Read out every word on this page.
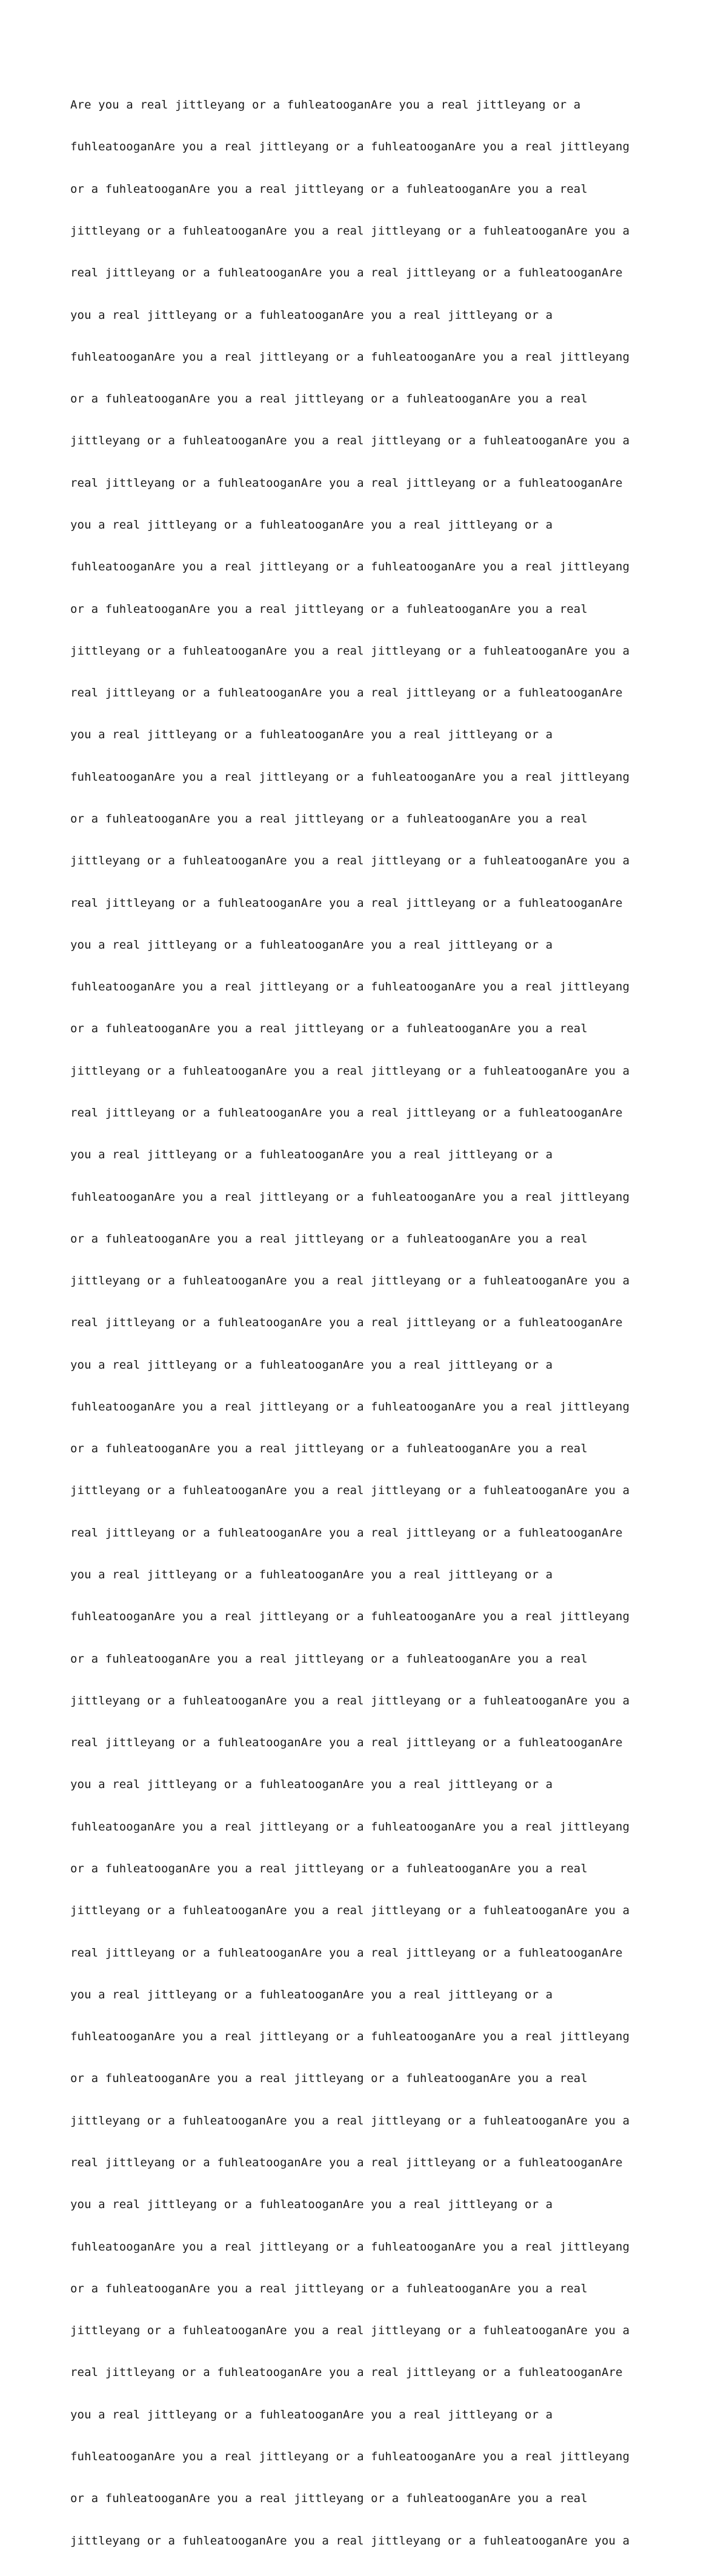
Are you a real jittleyang or a fuhleatooganAre you a real jittleyang or a

fuhleatooganAre you a real jittleyang or a fuhleatooganAre you a real jittleyang

or a fuhleatooganAre you a real jittleyang or a fuhleatooganAre you a real

jittleyang or a fuhleatooganAre you a real jittleyang or a fuhleatooganAre you a

real jittleyang or a fuhleatooganAre you a real jittleyang or a fuhleatooganAre

you a real jittleyang or a fuhleatooganAre you a real jittleyang or a

fuhleatooganAre you a real jittleyang or a fuhleatooganAre you a real jittleyang

or a fuhleatooganAre you a real jittleyang or a fuhleatooganAre you a real

jittleyang or a fuhleatooganAre you a real jittleyang or a fuhleatooganAre you a

real jittleyang or a fuhleatooganAre you a real jittleyang or a fuhleatooganAre

you a real jittleyang or a fuhleatooganAre you a real jittleyang or a

fuhleatooganAre you a real jittleyang or a fuhleatooganAre you a real jittleyang

or a fuhleatooganAre you a real jittleyang or a fuhleatooganAre you a real

jittleyang or a fuhleatooganAre you a real jittleyang or a fuhleatooganAre you a

real jittleyang or a fuhleatooganAre you a real jittleyang or a fuhleatooganAre

you a real jittleyang or a fuhleatooganAre you a real jittleyang or a

fuhleatooganAre you a real jittleyang or a fuhleatooganAre you a real jittleyang

or a fuhleatooganAre you a real jittleyang or a fuhleatooganAre you a real

jittleyang or a fuhleatooganAre you a real jittleyang or a fuhleatooganAre you a

real jittleyang or a fuhleatooganAre you a real jittleyang or a fuhleatooganAre

you a real jittleyang or a fuhleatooganAre you a real jittleyang or a

fuhleatooganAre you a real jittleyang or a fuhleatooganAre you a real jittleyang

or a fuhleatooganAre you a real jittleyang or a fuhleatooganAre you a real

jittleyang or a fuhleatooganAre you a real jittleyang or a fuhleatooganAre you a

real jittleyang or a fuhleatooganAre you a real jittleyang or a fuhleatooganAre

you a real jittleyang or a fuhleatooganAre you a real jittleyang or a

fuhleatooganAre you a real jittleyang or a fuhleatooganAre you a real jittleyang

or a fuhleatooganAre you a real jittleyang or a fuhleatooganAre you a real

jittleyang or a fuhleatooganAre you a real jittleyang or a fuhleatooganAre you a

real jittleyang or a fuhleatooganAre you a real jittleyang or a fuhleatooganAre

you a real jittleyang or a fuhleatooganAre you a real jittleyang or a

fuhleatooganAre you a real jittleyang or a fuhleatooganAre you a real jittleyang

or a fuhleatooganAre you a real jittleyang or a fuhleatooganAre you a real

jittleyang or a fuhleatooganAre you a real jittleyang or a fuhleatooganAre you a

real jittleyang or a fuhleatooganAre you a real jittleyang or a fuhleatooganAre

you a real jittleyang or a fuhleatooganAre you a real jittleyang or a

fuhleatooganAre you a real jittleyang or a fuhleatooganAre you a real jittleyang

or a fuhleatooganAre you a real jittleyang or a fuhleatooganAre you a real

jittleyang or a fuhleatooganAre you a real jittleyang or a fuhleatooganAre you a

real jittleyang or a fuhleatooganAre you a real jittleyang or a fuhleatooganAre

you a real jittleyang or a fuhleatooganAre you a real jittleyang or a

fuhleatooganAre you a real jittleyang or a fuhleatooganAre you a real jittleyang

or a fuhleatooganAre you a real jittleyang or a fuhleatooganAre you a real

jittleyang or a fuhleatooganAre you a real jittleyang or a fuhleatooganAre you a

real jittleyang or a fuhleatooganAre you a real jittleyang or a fuhleatooganAre

you a real jittleyang or a fuhleatooganAre you a real jittleyang or a

fuhleatooganAre you a real jittleyang or a fuhleatooganAre you a real jittleyang

or a fuhleatooganAre you a real jittleyang or a fuhleatooganAre you a real

jittleyang or a fuhleatooganAre you a real jittleyang or a fuhleatooganAre you a

real jittleyang or a fuhleatooganAre you a real jittleyang or a fuhleatooganAre

you a real jittleyang or a fuhleatooganAre you a real jittleyang or a

fuhleatooganAre you a real jittleyang or a fuhleatooganAre you a real jittleyang

or a fuhleatooganAre you a real jittleyang or a fuhleatooganAre you a real

jittleyang or a fuhleatooganAre you a real jittleyang or a fuhleatooganAre you a

real jittleyang or a fuhleatooganAre you a real jittleyang or a fuhleatooganAre

you a real jittleyang or a fuhleatooganAre you a real jittleyang or a

fuhleatooganAre you a real jittleyang or a fuhleatooganAre you a real jittleyang

or a fuhleatooganAre you a real jittleyang or a fuhleatooganAre you a real

jittleyang or a fuhleatooganAre you a real jittleyang or a fuhleatooganAre you a
